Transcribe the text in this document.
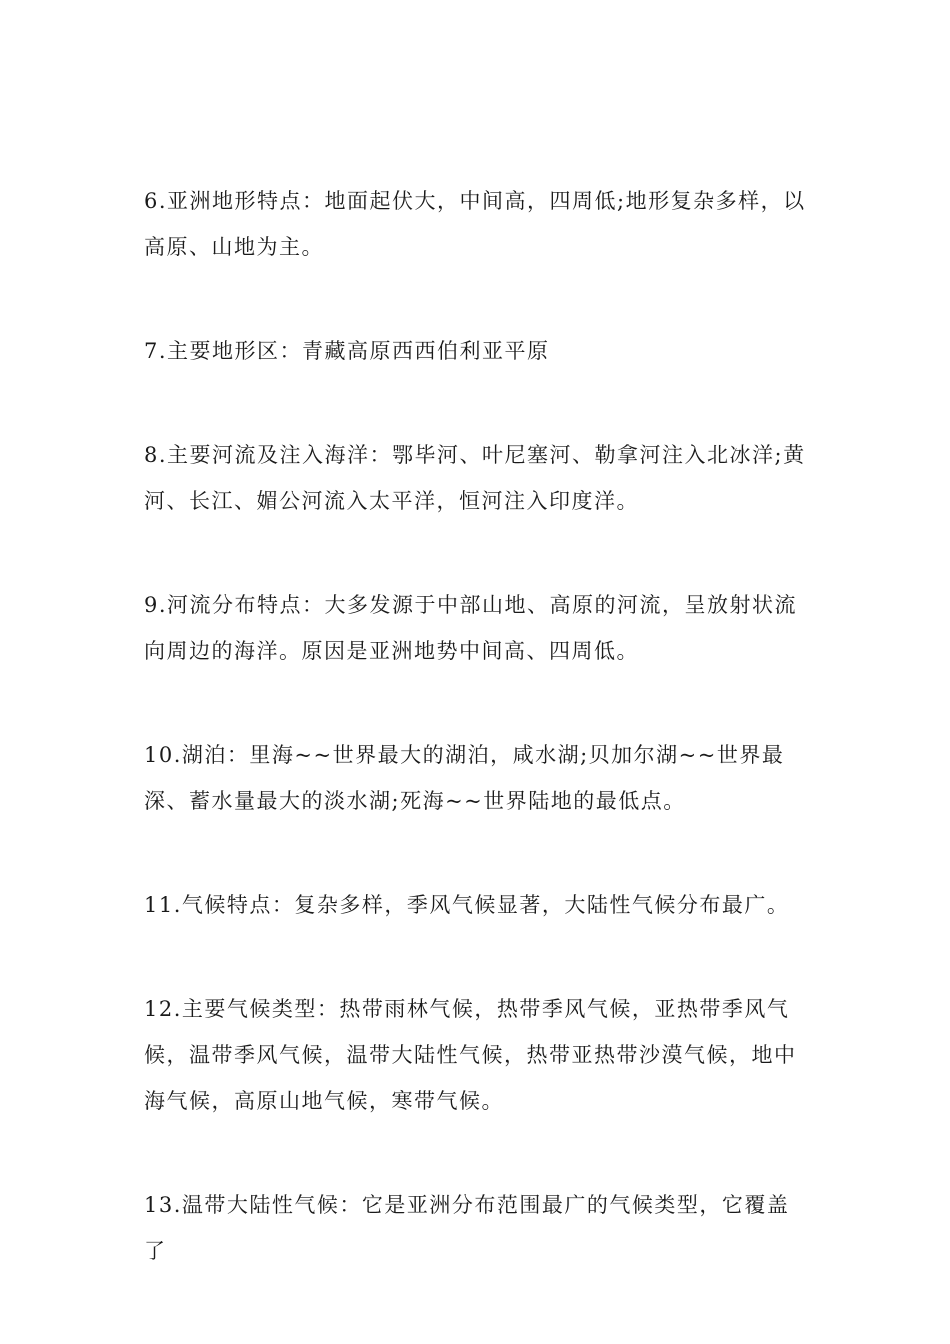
6.亚洲地形特点：地面起伏大，中间高，四周低;地形复杂多样，以高原、山地为主。

7.主要地形区：青藏高原西西伯利亚平原

8.主要河流及注入海洋：鄂毕河、叶尼塞河、勒拿河注入北冰洋;黄河、长江、媚公河流入太平洋，恒河注入印度洋。

9.河流分布特点：大多发源于中部山地、高原的河流，呈放射状流向周边的海洋。原因是亚洲地势中间高、四周低。

10.湖泊：里海~~世界最大的湖泊，咸水湖;贝加尔湖~~世界最深、蓄水量最大的淡水湖;死海~~世界陆地的最低点。

11.气候特点：复杂多样，季风气候显著，大陆性气候分布最广。

12.主要气候类型：热带雨林气候，热带季风气候，亚热带季风气候，温带季风气候，温带大陆性气候，热带亚热带沙漠气候，地中海气候，高原山地气候，寒带气候。

13.温带大陆性气候：它是亚洲分布范围最广的气候类型，它覆盖了
